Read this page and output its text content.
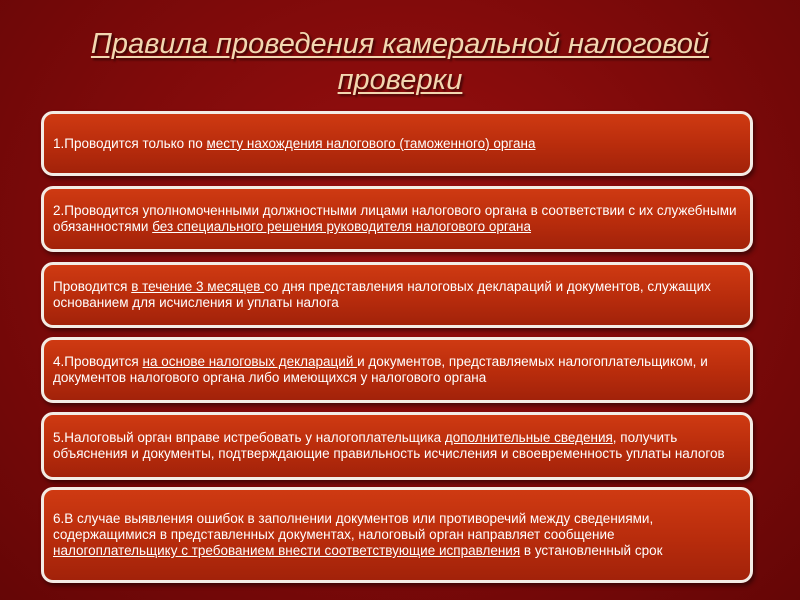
Правила проведения камеральной налоговой
проверки
1.Проводится только по месту нахождения налогового (таможенного) органа
2.Проводится уполномоченными должностными лицами налогового органа в соответствии с их служебными обязанностями без специального решения руководителя налогового органа
Проводится в течение 3 месяцев со дня представления налоговых деклараций и документов, служащих основанием для исчисления и уплаты налога
4.Проводится на основе налоговых деклараций и документов, представляемых налогоплательщиком, и документов налогового органа либо имеющихся у налогового органа
5.Налоговый орган вправе истребовать у налогоплательщика дополнительные сведения, получить объяснения и документы, подтверждающие правильность исчисления и своевременность уплаты налогов
6.В случае выявления ошибок в заполнении документов или противоречий между сведениями, содержащимися в представленных документах, налоговый орган направляет сообщение налогоплательщику с требованием внести соответствующие исправления в установленный срок
